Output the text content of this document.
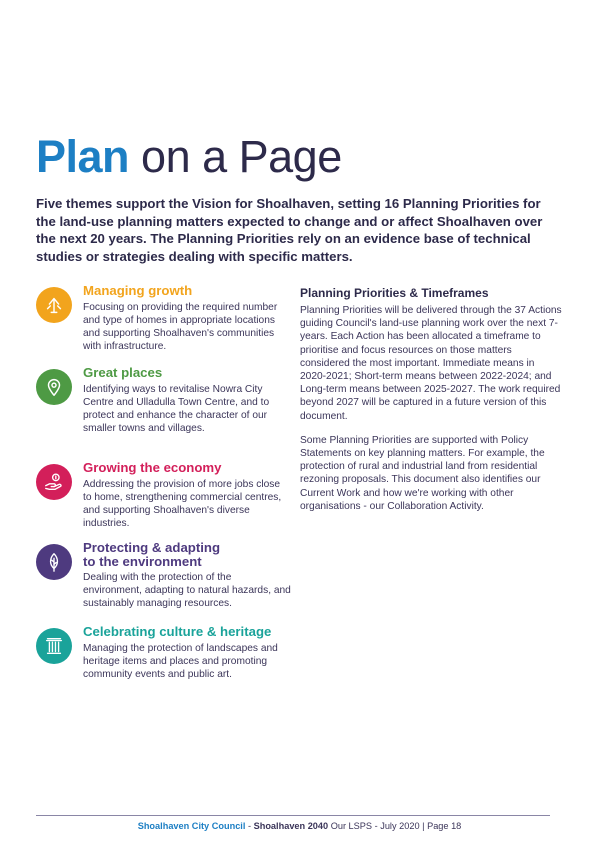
Plan on a Page

Five themes support the Vision for Shoalhaven, setting 16 Planning Priorities for the land-use planning matters expected to change and or affect Shoalhaven over the next 20 years. The Planning Priorities rely on an evidence base of technical studies or strategies dealing with specific matters.

Managing growth

Focusing on providing the required number and type of homes in appropriate locations and supporting Shoalhaven's communities with infrastructure.

Great places

Identifying ways to revitalise Nowra City Centre and Ulladulla Town Centre, and to protect and enhance the character of our smaller towns and villages.

Growing the economy

Addressing the provision of more jobs close to home, strengthening commercial centres, and supporting Shoalhaven's diverse industries.

Protecting & adapting to the environment

Dealing with the protection of the environment, adapting to natural hazards, and sustainably managing resources.

Celebrating culture & heritage

Managing the protection of landscapes and heritage items and places and promoting community events and public art.

Planning Priorities & Timeframes

Planning Priorities will be delivered through the 37 Actions guiding Council's land-use planning work over the next 7-years. Each Action has been allocated a timeframe to prioritise and focus resources on those matters considered the most important. Immediate means in 2020-2021; Short-term means between 2022-2024; and Long-term means between 2025-2027. The work required beyond 2027 will be captured in a future version of this document.

Some Planning Priorities are supported with Policy Statements on key planning matters. For example, the protection of rural and industrial land from residential rezoning proposals. This document also identifies our Current Work and how we're working with other organisations - our Collaboration Activity.

Shoalhaven City Council - Shoalhaven 2040 Our LSPS - July 2020 | Page 18
